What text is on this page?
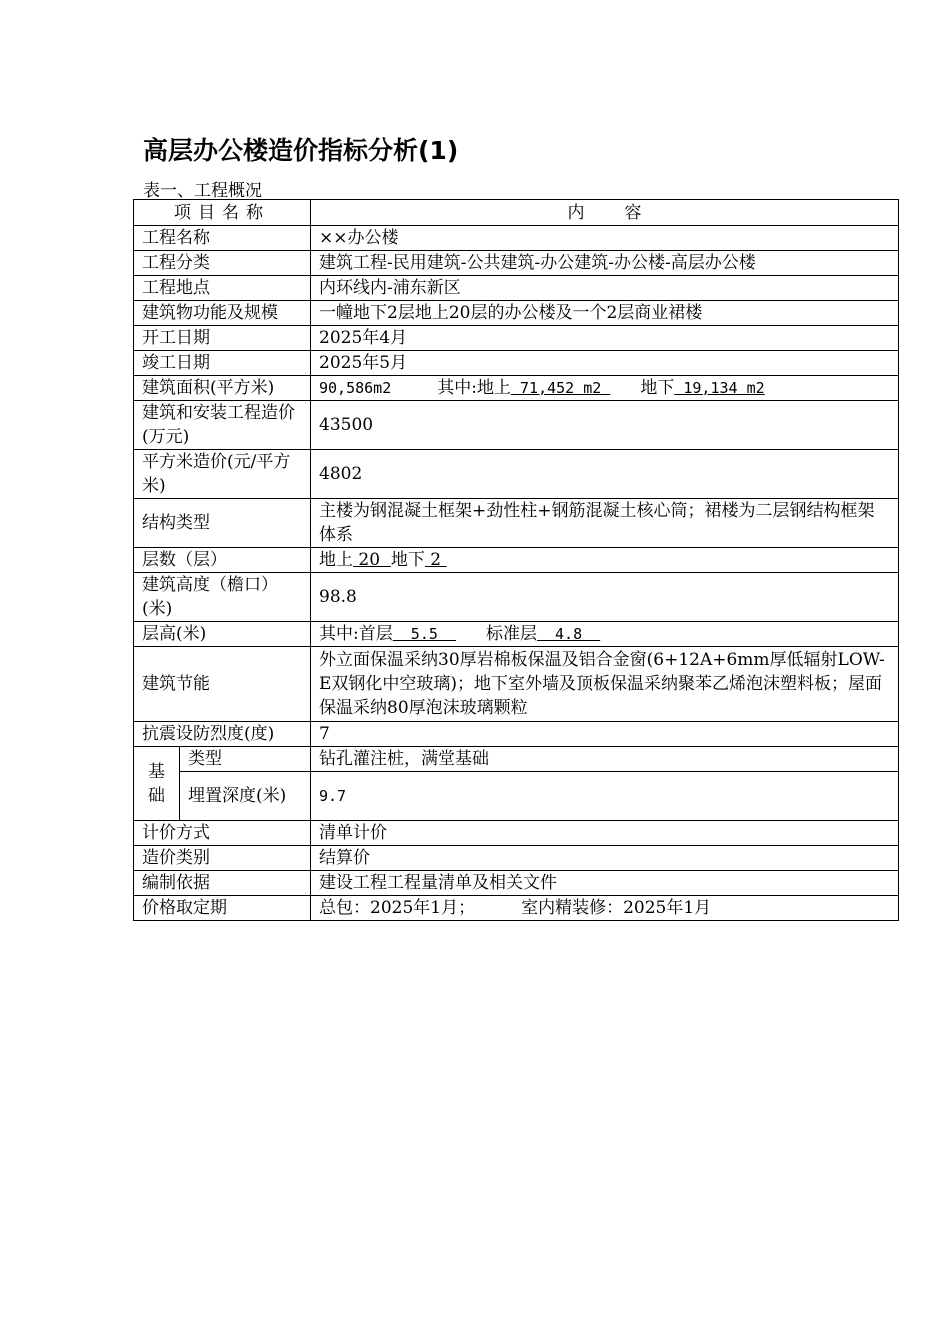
高层办公楼造价指标分析(1)
表一、工程概况
项目名称		内 容
工程名称		××办公楼
工程分类		建筑工程-民用建筑-公共建筑-办公建筑-办公楼-高层办公楼
工程地点		内环线内-浦东新区
建筑物功能及规模		一幢地下2层地上20层的办公楼及一个2层商业裙楼
开工日期		2025年4月
竣工日期		2025年5月
建筑面积(平方米)		90,586m2 其中:地上 71,452 m2 地下 19,134 m2
建筑和安装工程造价(万元)		43500
平方米造价(元/平方米)		4802
结构类型		主楼为钢混凝土框架+劲性柱+钢筋混凝土核心筒；裙楼为二层钢结构框架体系
层数（层）		地上 20  地下 2
建筑高度（檐口）(米)		98.8
层高(米)		其中:首层  5.5  标准层  4.8
建筑节能		外立面保温采纳30厚岩棉板保温及铝合金窗(6+12A+6mm厚低辐射LOW-E双钢化中空玻璃)；地下室外墙及顶板保温采纳聚苯乙烯泡沫塑料板；屋面保温采纳80厚泡沫玻璃颗粒
抗震设防烈度(度)		7
基础	类型	钻孔灌注桩，满堂基础
	埋置深度(米)	9.7
计价方式		清单计价
造价类别		结算价
编制依据		建设工程工程量清单及相关文件
价格取定期		总包：2025年1月； 室内精装修：2025年1月
